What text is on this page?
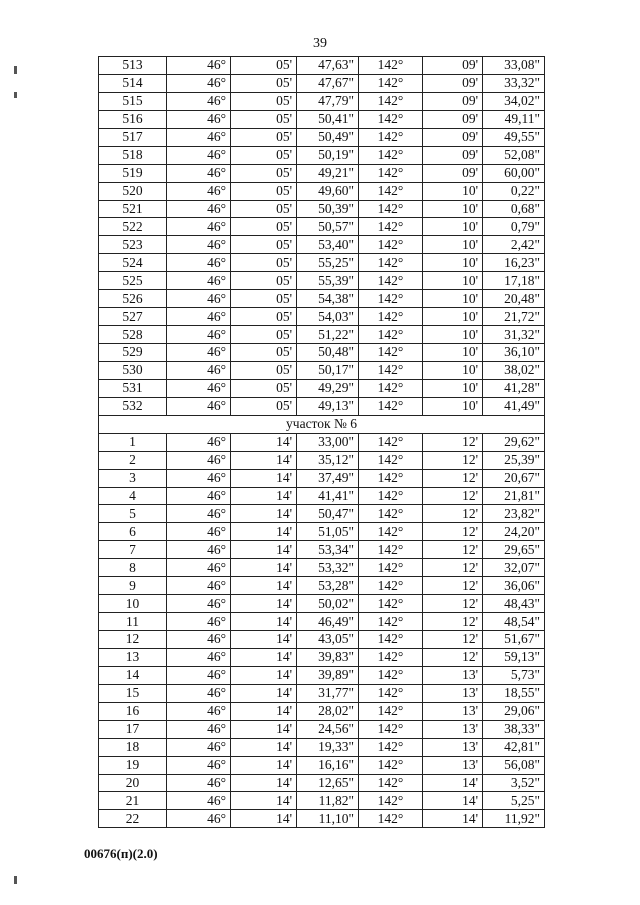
39
513	46°	05'	47,63"	142°	09'	33,08"
514	46°	05'	47,67"	142°	09'	33,32"
515	46°	05'	47,79"	142°	09'	34,02"
516	46°	05'	50,41"	142°	09'	49,11"
517	46°	05'	50,49"	142°	09'	49,55"
518	46°	05'	50,19"	142°	09'	52,08"
519	46°	05'	49,21"	142°	09'	60,00"
520	46°	05'	49,60"	142°	10'	0,22"
521	46°	05'	50,39"	142°	10'	0,68"
522	46°	05'	50,57"	142°	10'	0,79"
523	46°	05'	53,40"	142°	10'	2,42"
524	46°	05'	55,25"	142°	10'	16,23"
525	46°	05'	55,39"	142°	10'	17,18"
526	46°	05'	54,38"	142°	10'	20,48"
527	46°	05'	54,03"	142°	10'	21,72"
528	46°	05'	51,22"	142°	10'	31,32"
529	46°	05'	50,48"	142°	10'	36,10"
530	46°	05'	50,17"	142°	10'	38,02"
531	46°	05'	49,29"	142°	10'	41,28"
532	46°	05'	49,13"	142°	10'	41,49"
участок № 6						
1	46°	14'	33,00"	142°	12'	29,62"
2	46°	14'	35,12"	142°	12'	25,39"
3	46°	14'	37,49"	142°	12'	20,67"
4	46°	14'	41,41"	142°	12'	21,81"
5	46°	14'	50,47"	142°	12'	23,82"
6	46°	14'	51,05"	142°	12'	24,20"
7	46°	14'	53,34"	142°	12'	29,65"
8	46°	14'	53,32"	142°	12'	32,07"
9	46°	14'	53,28"	142°	12'	36,06"
10	46°	14'	50,02"	142°	12'	48,43"
11	46°	14'	46,49"	142°	12'	48,54"
12	46°	14'	43,05"	142°	12'	51,67"
13	46°	14'	39,83"	142°	12'	59,13"
14	46°	14'	39,89"	142°	13'	5,73"
15	46°	14'	31,77"	142°	13'	18,55"
16	46°	14'	28,02"	142°	13'	29,06"
17	46°	14'	24,56"	142°	13'	38,33"
18	46°	14'	19,33"	142°	13'	42,81"
19	46°	14'	16,16"	142°	13'	56,08"
20	46°	14'	12,65"	142°	14'	3,52"
21	46°	14'	11,82"	142°	14'	5,25"
22	46°	14'	11,10"	142°	14'	11,92"
00676(п)(2.0)
